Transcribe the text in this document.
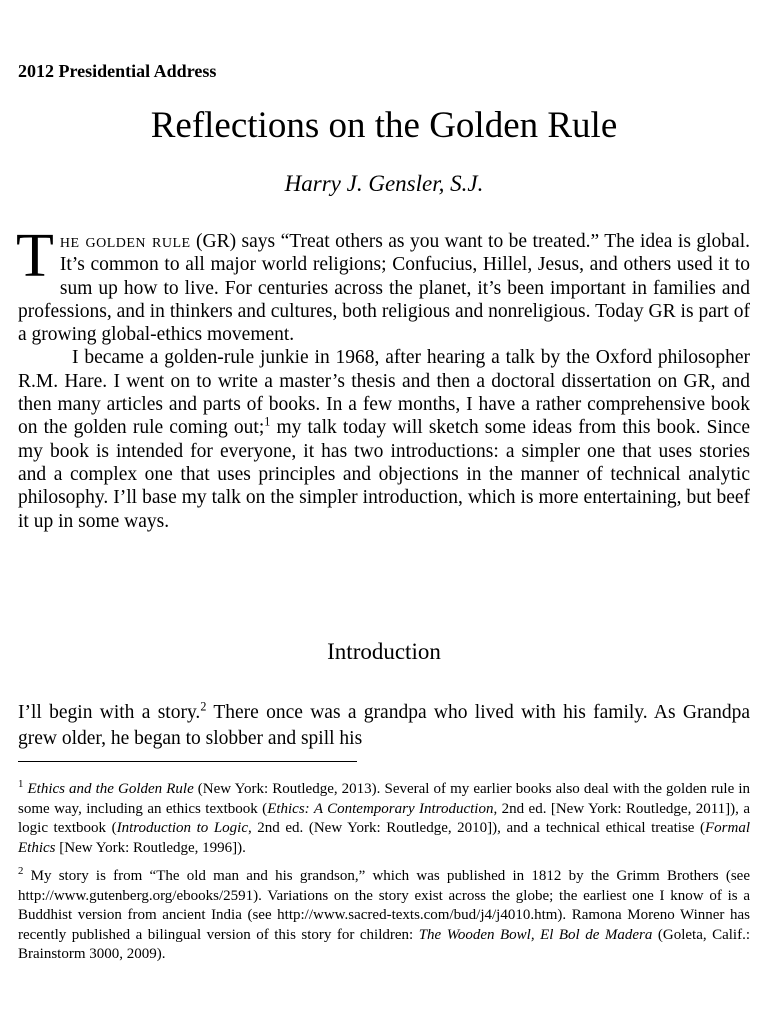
2012 Presidential Address
Reflections on the Golden Rule
Harry J. Gensler, S.J.

The golden rule (GR) says “Treat others as you want to be treated.” The idea is global. It’s common to all major world religions; Confucius, Hillel, Jesus, and others used it to sum up how to live. For centuries across the planet, it’s been important in families and professions, and in thinkers and cultures, both religious and nonreligious. Today GR is part of a growing global-ethics movement.

I became a golden-rule junkie in 1968, after hearing a talk by the Oxford philosopher R.M. Hare. I went on to write a master’s thesis and then a doctoral dissertation on GR, and then many articles and parts of books. In a few months, I have a rather comprehensive book on the golden rule coming out;$^1$ my talk today will sketch some ideas from this book. Since my book is intended for everyone, it has two introductions: a simpler one that uses stories and a complex one that uses principles and objections in the manner of technical analytic philosophy. I’ll base my talk on the simpler introduction, which is more entertaining, but beef it up in some ways.

Introduction

I’ll begin with a story.$^2$ There once was a grandpa who lived with his family. As Grandpa grew older, he began to slobber and spill his

$^1$ Ethics and the Golden Rule (New York: Routledge, 2013). Several of my earlier books also deal with the golden rule in some way, including an ethics textbook (Ethics: A Contemporary Introduction, 2nd ed. [New York: Routledge, 2011]), a logic textbook (Introduction to Logic, 2nd ed. (New York: Routledge, 2010]), and a technical ethical treatise (Formal Ethics [New York: Routledge, 1996]).

$^2$ My story is from “The old man and his grandson,” which was published in 1812 by the Grimm Brothers (see http://www.gutenberg.org/ebooks/2591). Variations on the story exist across the globe; the earliest one I know of is a Buddhist version from ancient India (see http://www.sacred-texts.com/bud/j4/j4010.htm). Ramona Moreno Winner has recently published a bilingual version of this story for children: The Wooden Bowl, El Bol de Madera (Goleta, Calif.: Brainstorm 3000, 2009).
